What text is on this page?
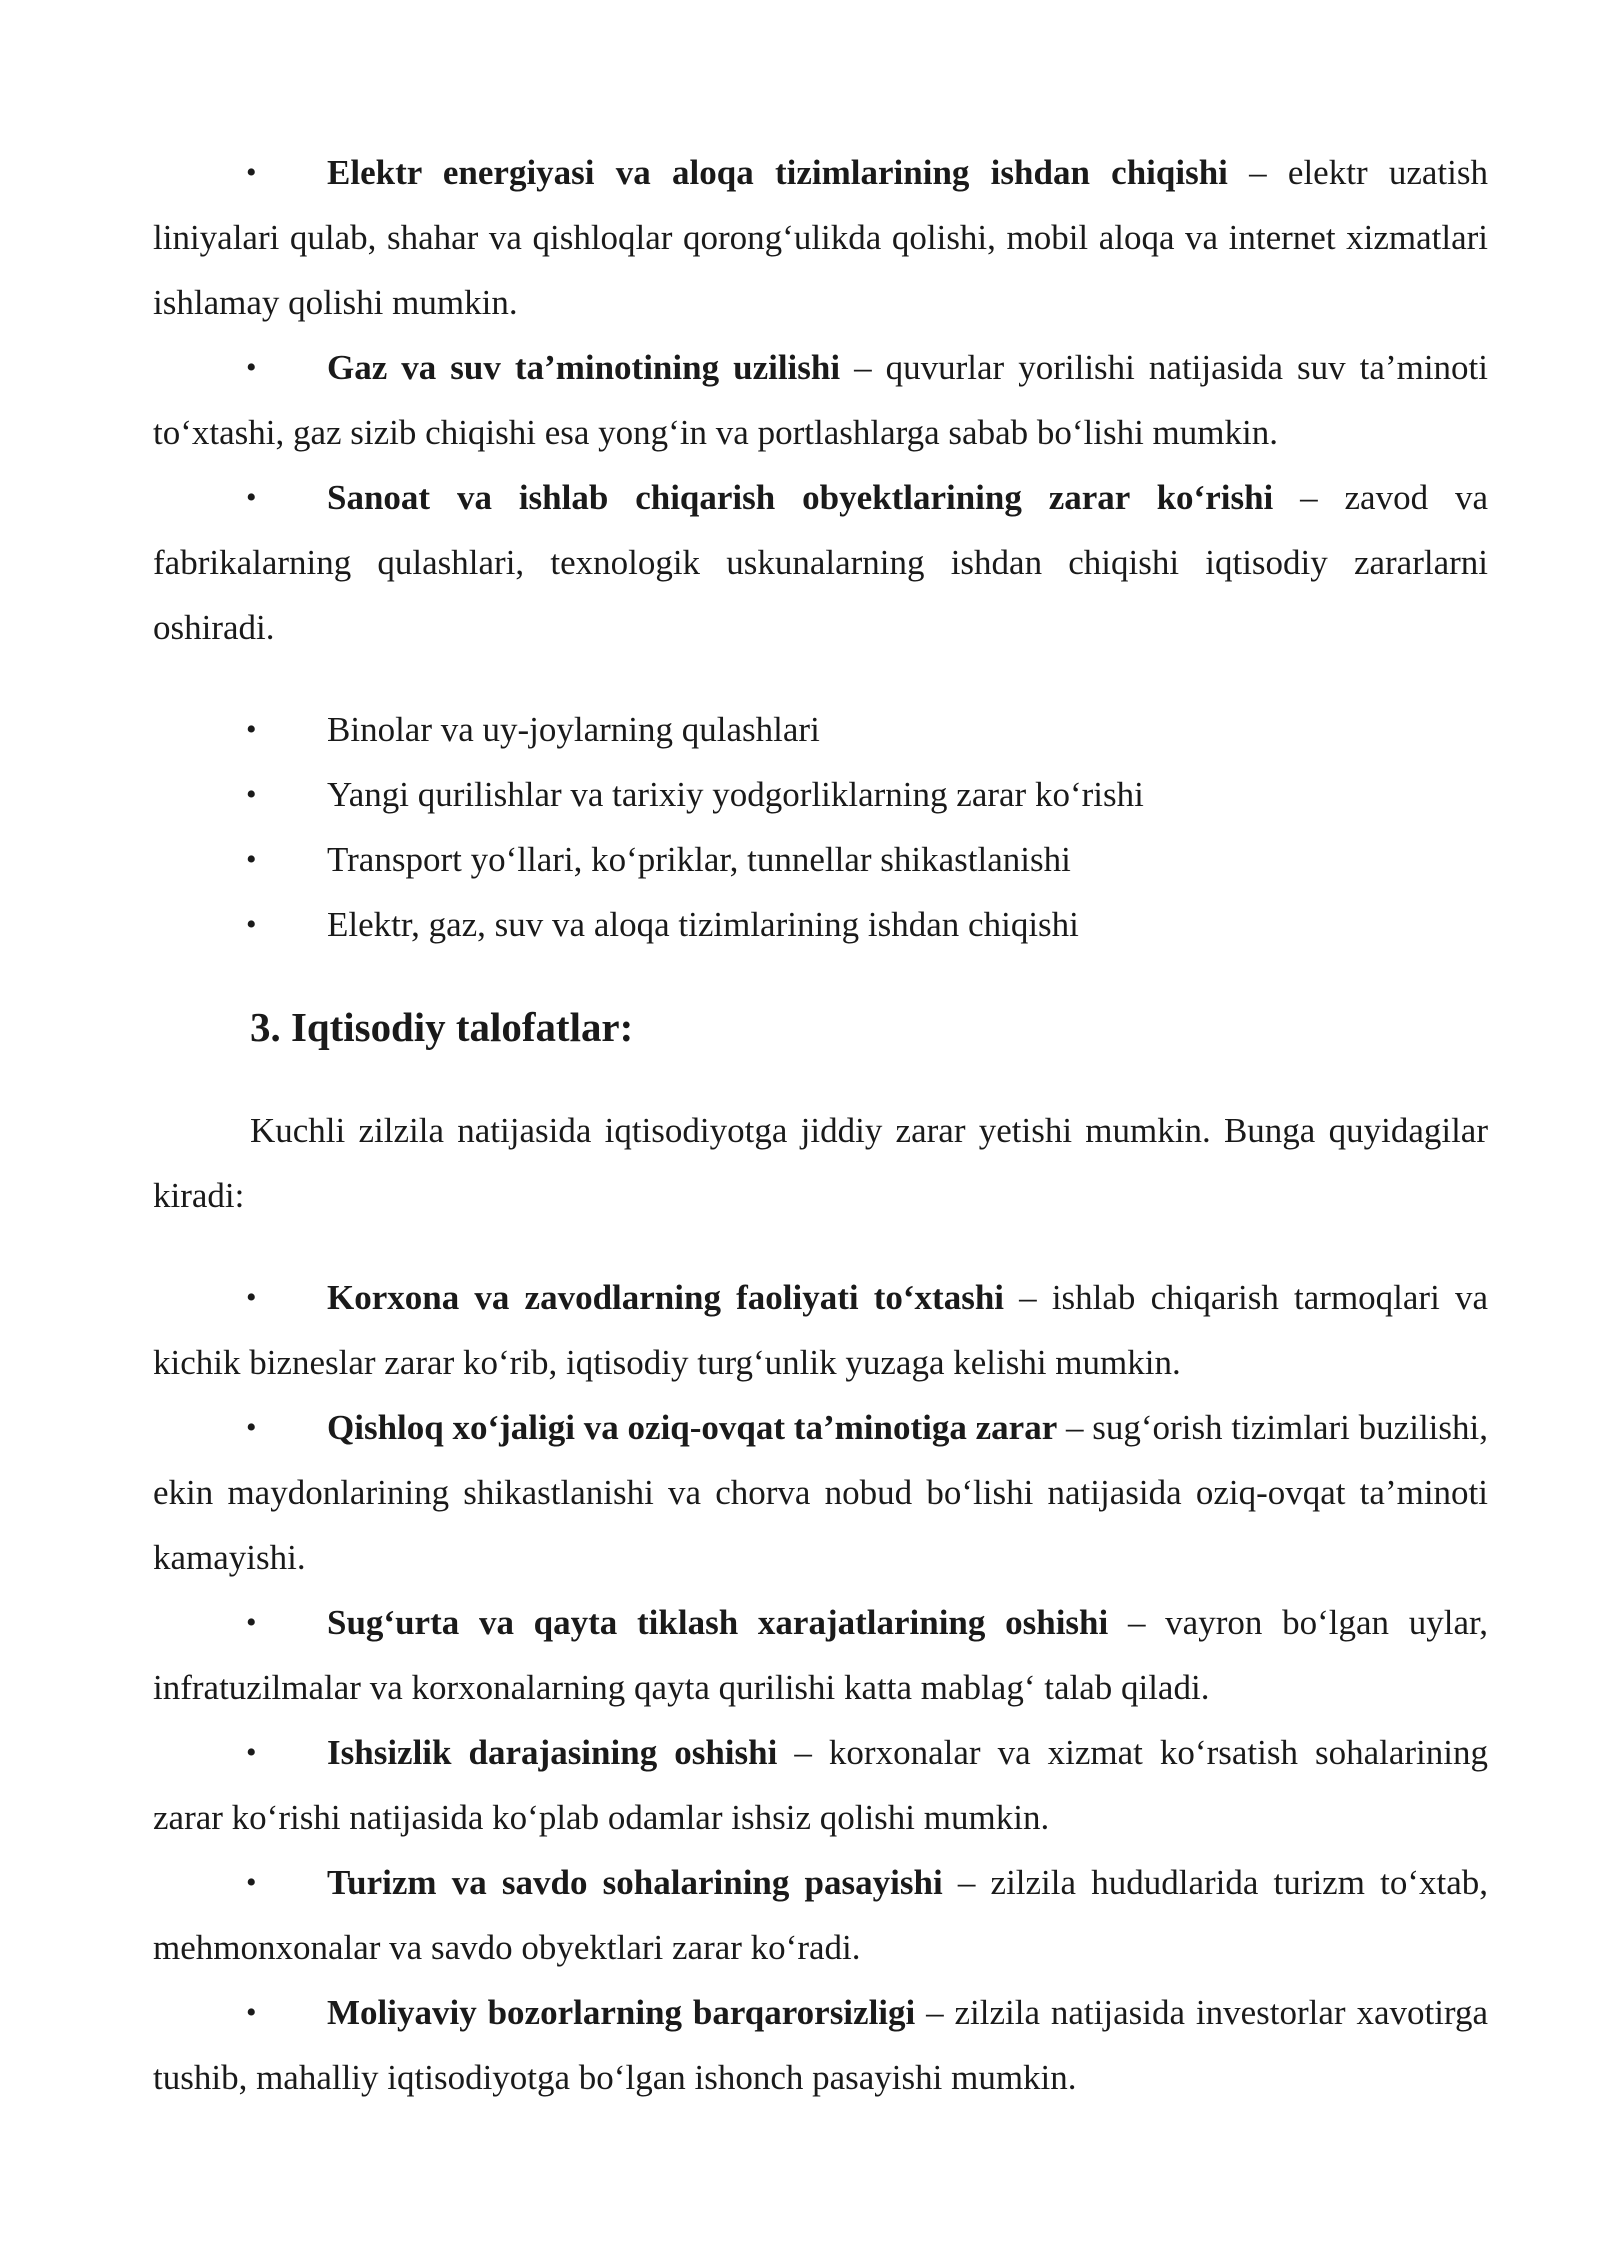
• Elektr energiyasi va aloqa tizimlarining ishdan chiqishi – elektr uzatish liniyalari qulab, shahar va qishloqlar qorong‘ulikda qolishi, mobil aloqa va internet xizmatlari ishlamay qolishi mumkin.

• Gaz va suv ta’minotining uzilishi – quvurlar yorilishi natijasida suv ta’minoti to‘xtashi, gaz sizib chiqishi esa yong‘in va portlashlarga sabab bo‘lishi mumkin.

• Sanoat va ishlab chiqarish obyektlarining zarar ko‘rishi – zavod va fabrikalarning qulashlari, texnologik uskunalarning ishdan chiqishi iqtisodiy zararlarni oshiradi.

• Binolar va uy-joylarning qulashlari

• Yangi qurilishlar va tarixiy yodgorliklarning zarar ko‘rishi

• Transport yo‘llari, ko‘priklar, tunnellar shikastlanishi

• Elektr, gaz, suv va aloqa tizimlarining ishdan chiqishi

3. Iqtisodiy talofatlar:

Kuchli zilzila natijasida iqtisodiyotga jiddiy zarar yetishi mumkin. Bunga quyidagilar kiradi:

• Korxona va zavodlarning faoliyati to‘xtashi – ishlab chiqarish tarmoqlari va kichik bizneslar zarar ko‘rib, iqtisodiy turg‘unlik yuzaga kelishi mumkin.

• Qishloq xo‘jaligi va oziq-ovqat ta’minotiga zarar – sug‘orish tizimlari buzilishi, ekin maydonlarining shikastlanishi va chorva nobud bo‘lishi natijasida oziq-ovqat ta’minoti kamayishi.

• Sug‘urta va qayta tiklash xarajatlarining oshishi – vayron bo‘lgan uylar, infratuzilmalar va korxonalarning qayta qurilishi katta mablag‘ talab qiladi.

• Ishsizlik darajasining oshishi – korxonalar va xizmat ko‘rsatish sohalarining zarar ko‘rishi natijasida ko‘plab odamlar ishsiz qolishi mumkin.

• Turizm va savdo sohalarining pasayishi – zilzila hududlarida turizm to‘xtab, mehmonxonalar va savdo obyektlari zarar ko‘radi.

• Moliyaviy bozorlarning barqarorsizligi – zilzila natijasida investorlar xavotirga tushib, mahalliy iqtisodiyotga bo‘lgan ishonch pasayishi mumkin.
